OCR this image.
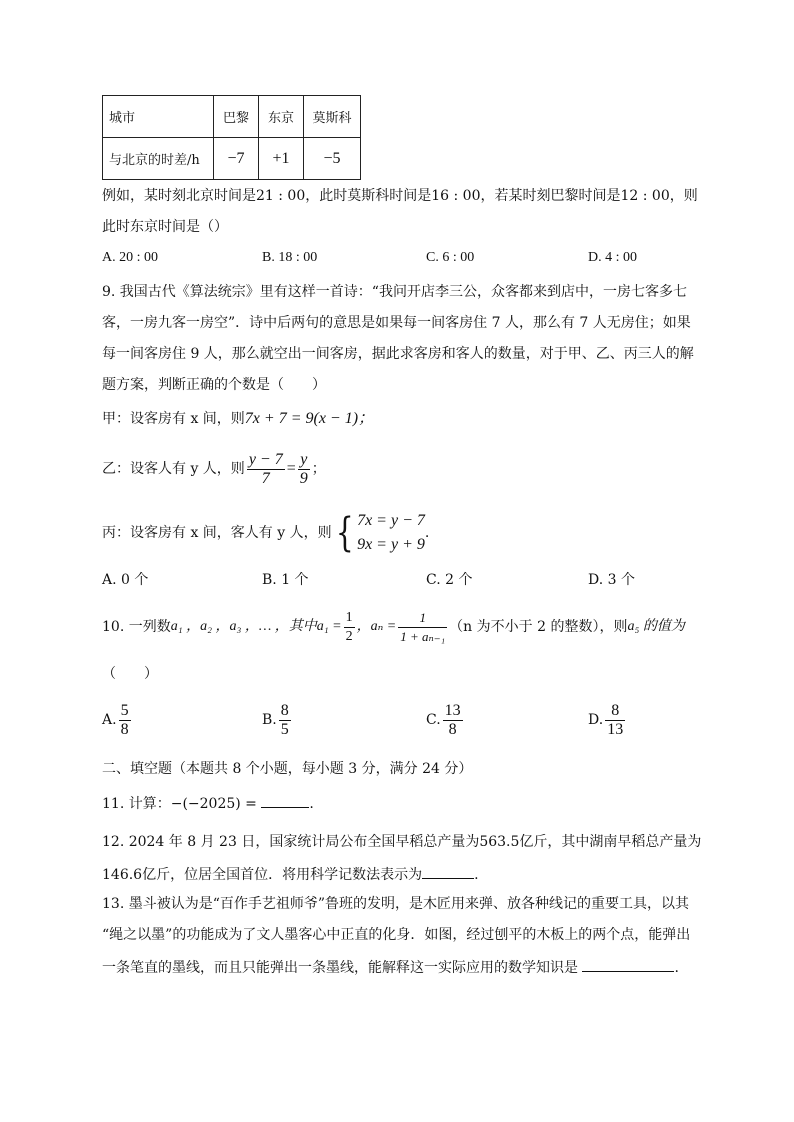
城市	巴黎	东京	莫斯科
与北京的时差/h	−7	+1	−5
例如，某时刻北京时间是21 : 00，此时莫斯科时间是16 : 00，若某时刻巴黎时间是12 : 00，则
此时东京时间是（）
A. 20 : 00	B. 18 : 00	C. 6 : 00	D. 4 : 00
9. 我国古代《算法统宗》里有这样一首诗：“我问开店李三公，众客都来到店中，一房七客多七
客，一房九客一房空”．诗中后两句的意思是如果每一间客房住 7 人，那么有 7 人无房住；如果
每一间客房住 9 人，那么就空出一间客房，据此求客房和客人的数量，对于甲、乙、丙三人的解
题方案，判断正确的个数是（　　）
甲：设客房有 x 间，则7x + 7 = 9(x − 1)；
乙：设客人有 y 人，则 $\frac{y - 7}{7} = \frac{y}{9}$ ；
丙：设客房有 x 间，客人有 y 人，则{ 7x = y − 7
9x = y + 9
.
A. 0 个	B. 1 个	C. 2 个	D. 3 个
10. 一列数a₁ ，a₂ ，a₃ ，… ，其中$a_1 = \frac{1}{2}$ ，$a_n = \frac{1}{\text{1 + aₙ₋₁}} (n$ 为不小于 2 的整数），则a₅ 的值为
（　　）
A. $\frac{5}{8}$	B. $\frac{8}{5}$	C. $\frac{13}{8}$	D. $\frac{8}{13}$
二、填空题（本题共 8 个小题，每小题 3 分，满分 24 分）
11. 计算：−(−2025) =	.
12. 2024 年 8 月 23 日，国家统计局公布全国早稻总产量为563.5亿斤，其中湖南早稻总产量为
146.6亿斤，位居全国首位．将用科学记数法表示为	.
13. 墨斗被认为是“百作手艺祖师爷”鲁班的发明，是木匠用来弹、放各种线记的重要工具，以其
“绳之以墨”的功能成为了文人墨客心中正直的化身．如图，经过刨平的木板上的两个点，能弹出
一条笔直的墨线，而且只能弹出一条墨线，能解释这一实际应用的数学知识是	.
